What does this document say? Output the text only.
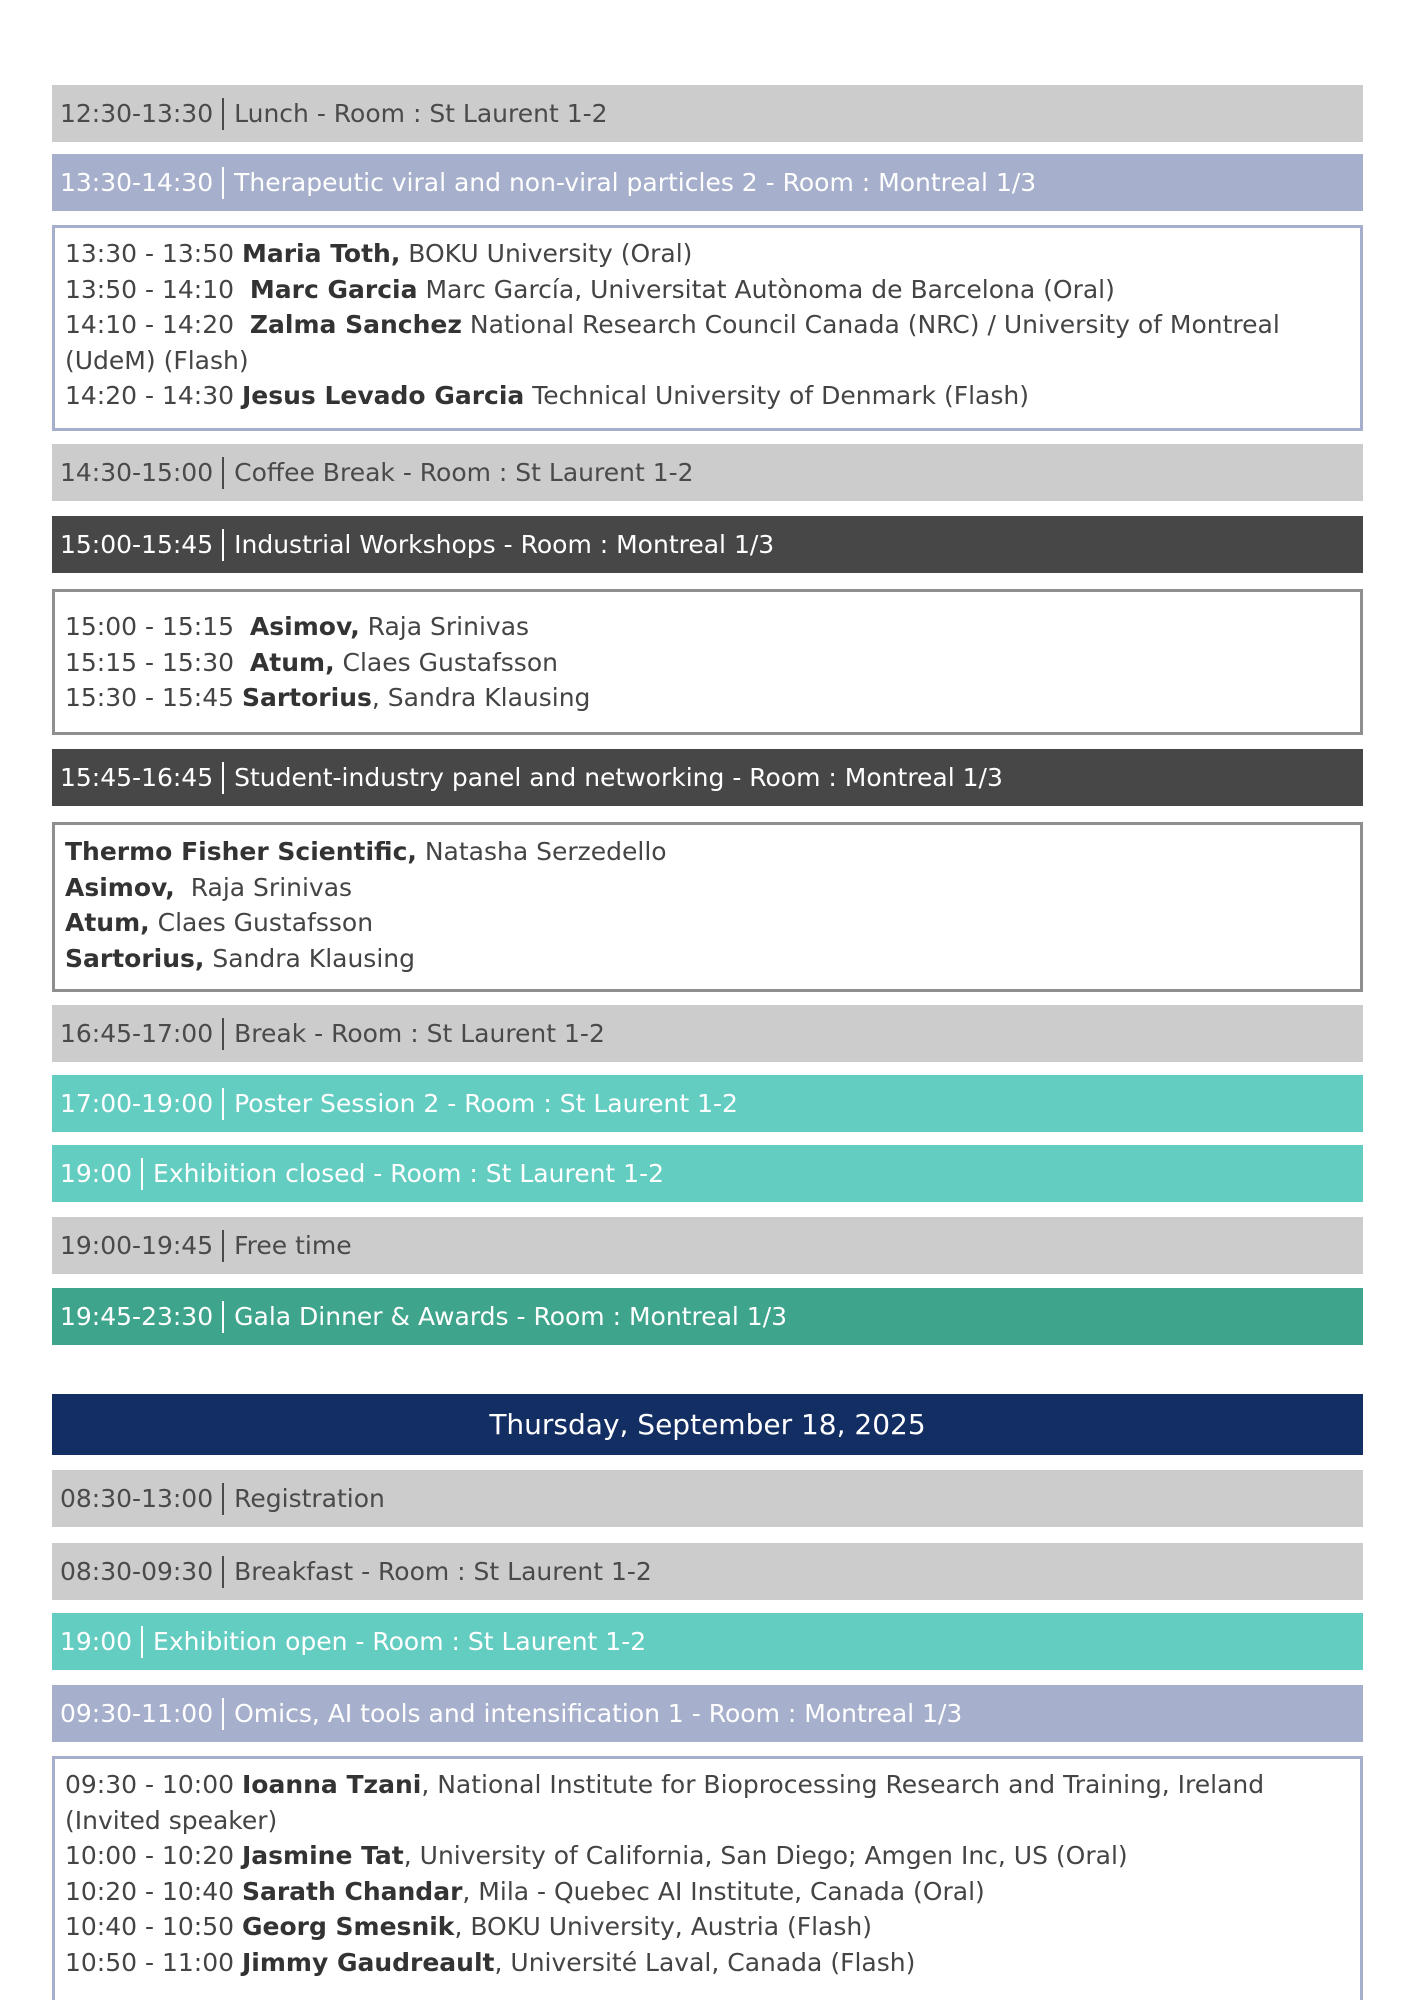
12:30-13:30 Lunch - Room : St Laurent 1-2
13:30-14:30 Therapeutic viral and non-viral particles 2 - Room : Montreal 1/3
13:30 - 13:50 Maria Toth, BOKU University (Oral)
13:50 - 14:10 Marc Garcia Marc García, Universitat Autònoma de Barcelona (Oral)
14:10 - 14:20 Zalma Sanchez National Research Council Canada (NRC) / University of Montreal (UdeM) (Flash)
14:20 - 14:30 Jesus Levado Garcia Technical University of Denmark (Flash)
14:30-15:00 Coffee Break - Room : St Laurent 1-2
15:00-15:45 Industrial Workshops - Room : Montreal 1/3
15:00 - 15:15 Asimov, Raja Srinivas
15:15 - 15:30 Atum, Claes Gustafsson
15:30 - 15:45 Sartorius, Sandra Klausing
15:45-16:45 Student-industry panel and networking - Room : Montreal 1/3
Thermo Fisher Scientific, Natasha Serzedello
Asimov, Raja Srinivas
Atum, Claes Gustafsson
Sartorius, Sandra Klausing
16:45-17:00 Break - Room : St Laurent 1-2
17:00-19:00 Poster Session 2 - Room : St Laurent 1-2
19:00 Exhibition closed - Room : St Laurent 1-2
19:00-19:45 Free time
19:45-23:30 Gala Dinner & Awards - Room : Montreal 1/3
Thursday, September 18, 2025
08:30-13:00 Registration
08:30-09:30 Breakfast - Room : St Laurent 1-2
19:00 Exhibition open - Room : St Laurent 1-2
09:30-11:00 Omics, AI tools and intensification 1 - Room : Montreal 1/3
09:30 - 10:00 Ioanna Tzani, National Institute for Bioprocessing Research and Training, Ireland (Invited speaker)
10:00 - 10:20 Jasmine Tat, University of California, San Diego; Amgen Inc, US (Oral)
10:20 - 10:40 Sarath Chandar, Mila - Quebec AI Institute, Canada (Oral)
10:40 - 10:50 Georg Smesnik, BOKU University, Austria (Flash)
10:50 - 11:00 Jimmy Gaudreault, Université Laval, Canada (Flash)
